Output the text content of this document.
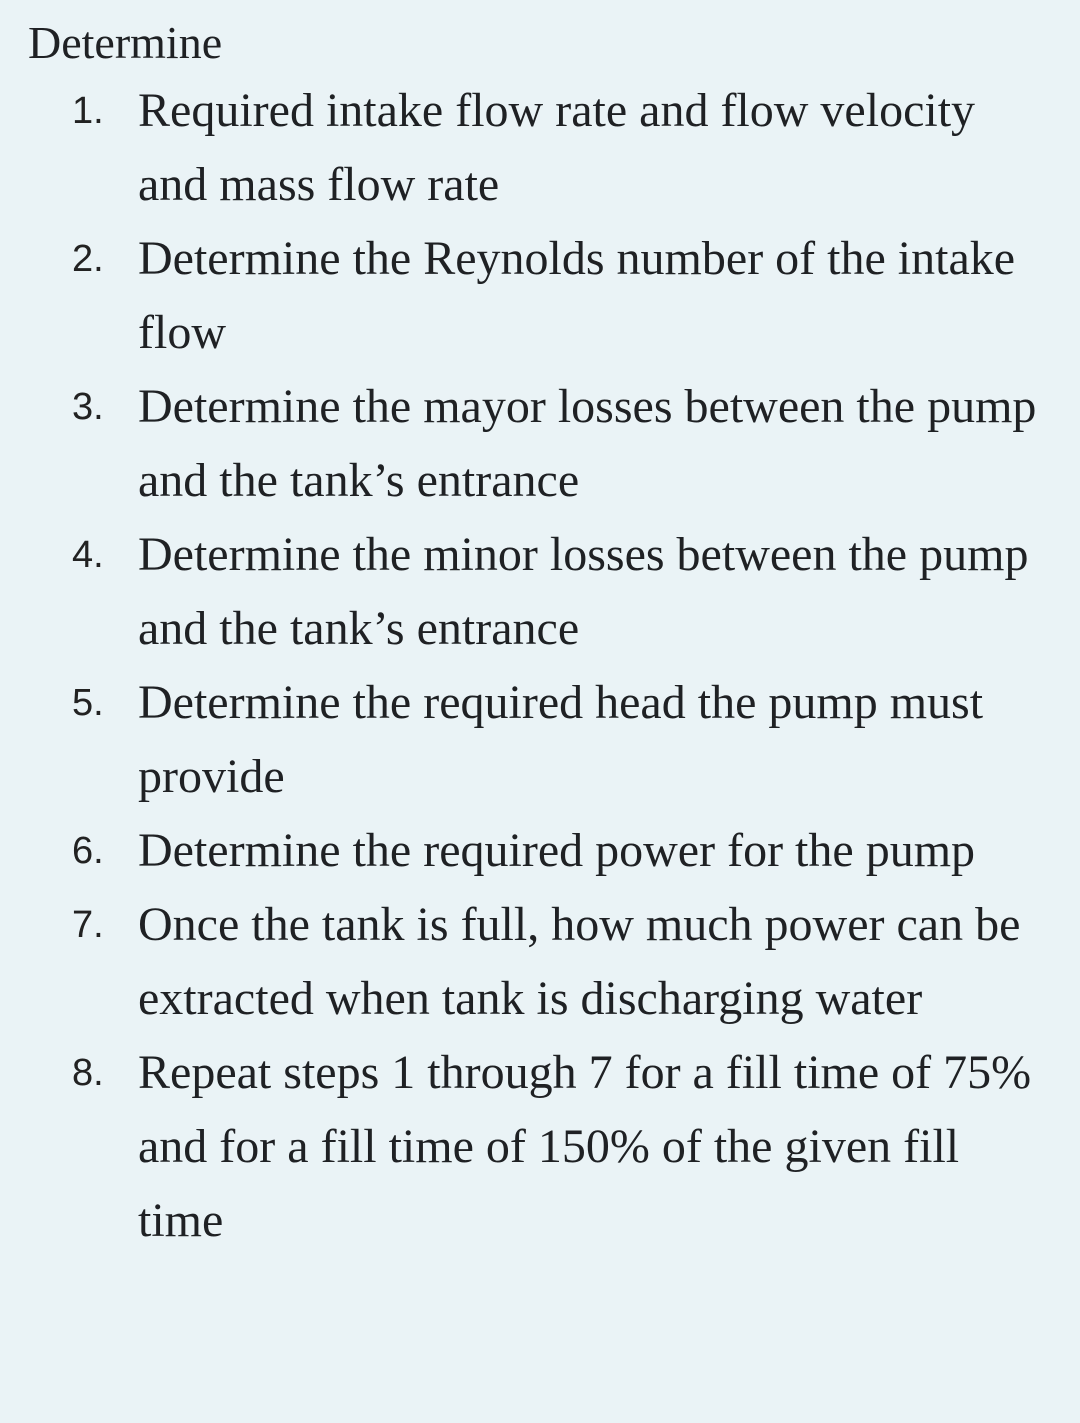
Determine
1. Required intake flow rate and flow velocity and mass flow rate
2. Determine the Reynolds number of the intake flow
3. Determine the mayor losses between the pump and the tank’s entrance
4. Determine the minor losses between the pump and the tank’s entrance
5. Determine the required head the pump must provide
6. Determine the required power for the pump
7. Once the tank is full, how much power can be extracted when tank is discharging water
8. Repeat steps 1 through 7 for a fill time of 75% and for a fill time of 150% of the given fill time
